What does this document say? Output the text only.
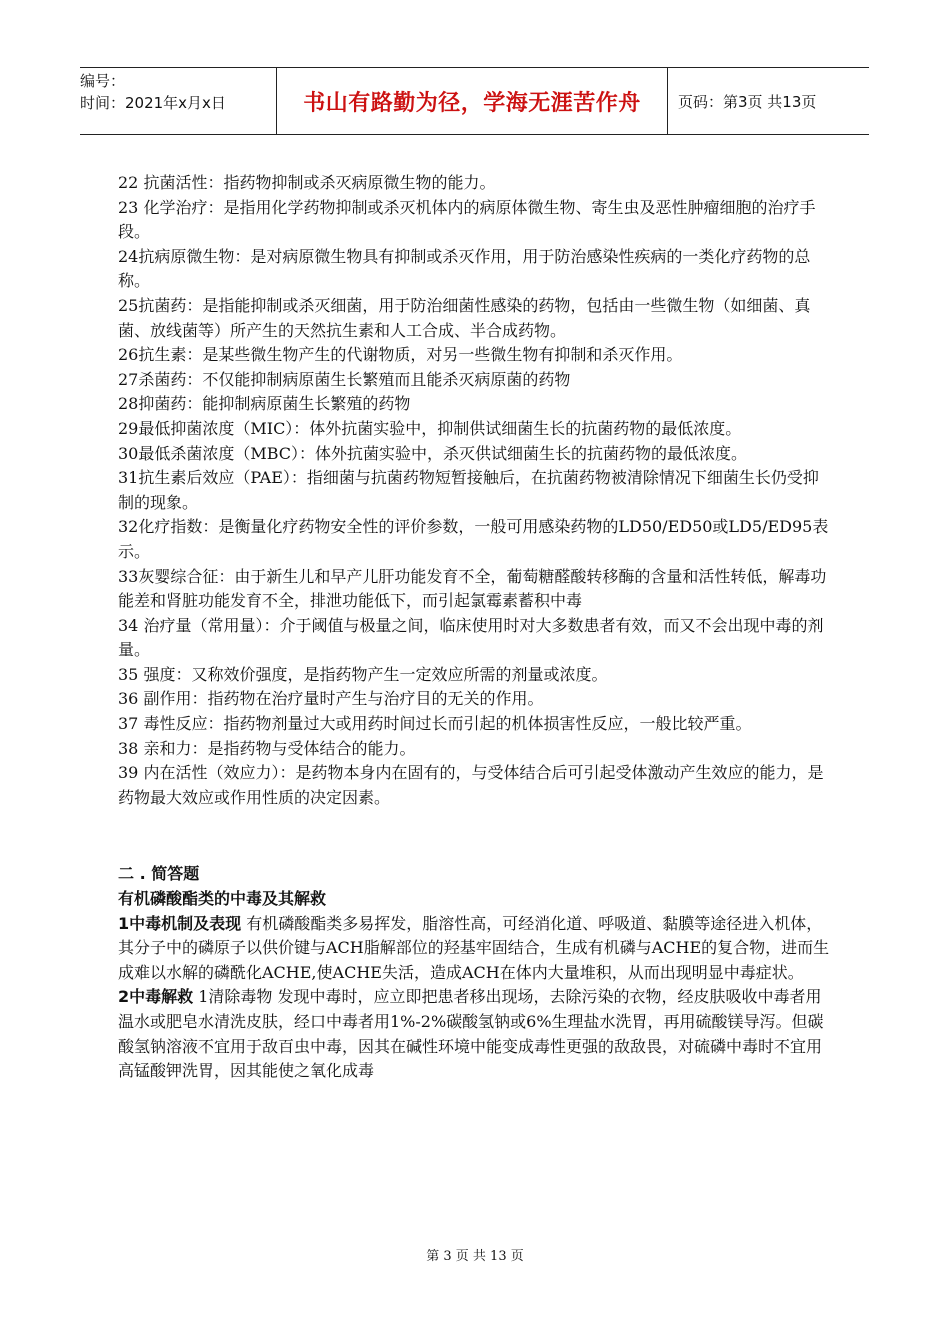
编号：
时间：2021年x月x日	书山有路勤为径，学海无涯苦作舟 页码：第3页 共13页

22 抗菌活性：指药物抑制或杀灭病原微生物的能力。

23 化学治疗：是指用化学药物抑制或杀灭机体内的病原体微生物、寄生虫及恶性肿瘤细胞的治疗手段。

24抗病原微生物：是对病原微生物具有抑制或杀灭作用，用于防治感染性疾病的一类化疗药物的总称。

25抗菌药：是指能抑制或杀灭细菌，用于防治细菌性感染的药物，包括由一些微生物（如细菌、真菌、放线菌等）所产生的天然抗生素和人工合成、半合成药物。

26抗生素：是某些微生物产生的代谢物质，对另一些微生物有抑制和杀灭作用。

27杀菌药：不仅能抑制病原菌生长繁殖而且能杀灭病原菌的药物

28抑菌药：能抑制病原菌生长繁殖的药物

29最低抑菌浓度（MIC）：体外抗菌实验中，抑制供试细菌生长的抗菌药物的最低浓度。

30最低杀菌浓度（MBC）：体外抗菌实验中，杀灭供试细菌生长的抗菌药物的最低浓度。

31抗生素后效应（PAE）：指细菌与抗菌药物短暂接触后，在抗菌药物被清除情况下细菌生长仍受抑制的现象。

32化疗指数：是衡量化疗药物安全性的评价参数，一般可用感染药物的LD50/ED50或LD5/ED95表示。

33灰婴综合征：由于新生儿和早产儿肝功能发育不全，葡萄糖醛酸转移酶的含量和活性转低，解毒功能差和肾脏功能发育不全，排泄功能低下，而引起氯霉素蓄积中毒

34 治疗量（常用量）：介于阈值与极量之间，临床使用时对大多数患者有效，而又不会出现中毒的剂量。

35 强度：又称效价强度，是指药物产生一定效应所需的剂量或浓度。

36 副作用：指药物在治疗量时产生与治疗目的无关的作用。

37 毒性反应：指药物剂量过大或用药时间过长而引起的机体损害性反应，一般比较严重。

38 亲和力：是指药物与受体结合的能力。

39 内在活性（效应力）：是药物本身内在固有的，与受体结合后可引起受体激动产生效应的能力，是药物最大效应或作用性质的决定因素。

二 . 简答题

有机磷酸酯类的中毒及其解救

1中毒机制及表现 有机磷酸酯类多易挥发，脂溶性高，可经消化道、呼吸道、黏膜等途径进入机体，其分子中的磷原子以供价键与ACH脂解部位的羟基牢固结合，生成有机磷与ACHE的复合物，进而生成难以水解的磷酰化ACHE,使ACHE失活，造成ACH在体内大量堆积，从而出现明显中毒症状。

2中毒解救 1清除毒物 发现中毒时，应立即把患者移出现场，去除污染的衣物，经皮肤吸收中毒者用温水或肥皂水清洗皮肤，经口中毒者用1%-2%碳酸氢钠或6%生理盐水洗胃，再用硫酸镁导泻。但碳酸氢钠溶液不宜用于敌百虫中毒，因其在碱性环境中能变成毒性更强的敌敌畏，对硫磷中毒时不宜用高锰酸钾洗胃，因其能使之氧化成毒

第 3 页 共 13 页
